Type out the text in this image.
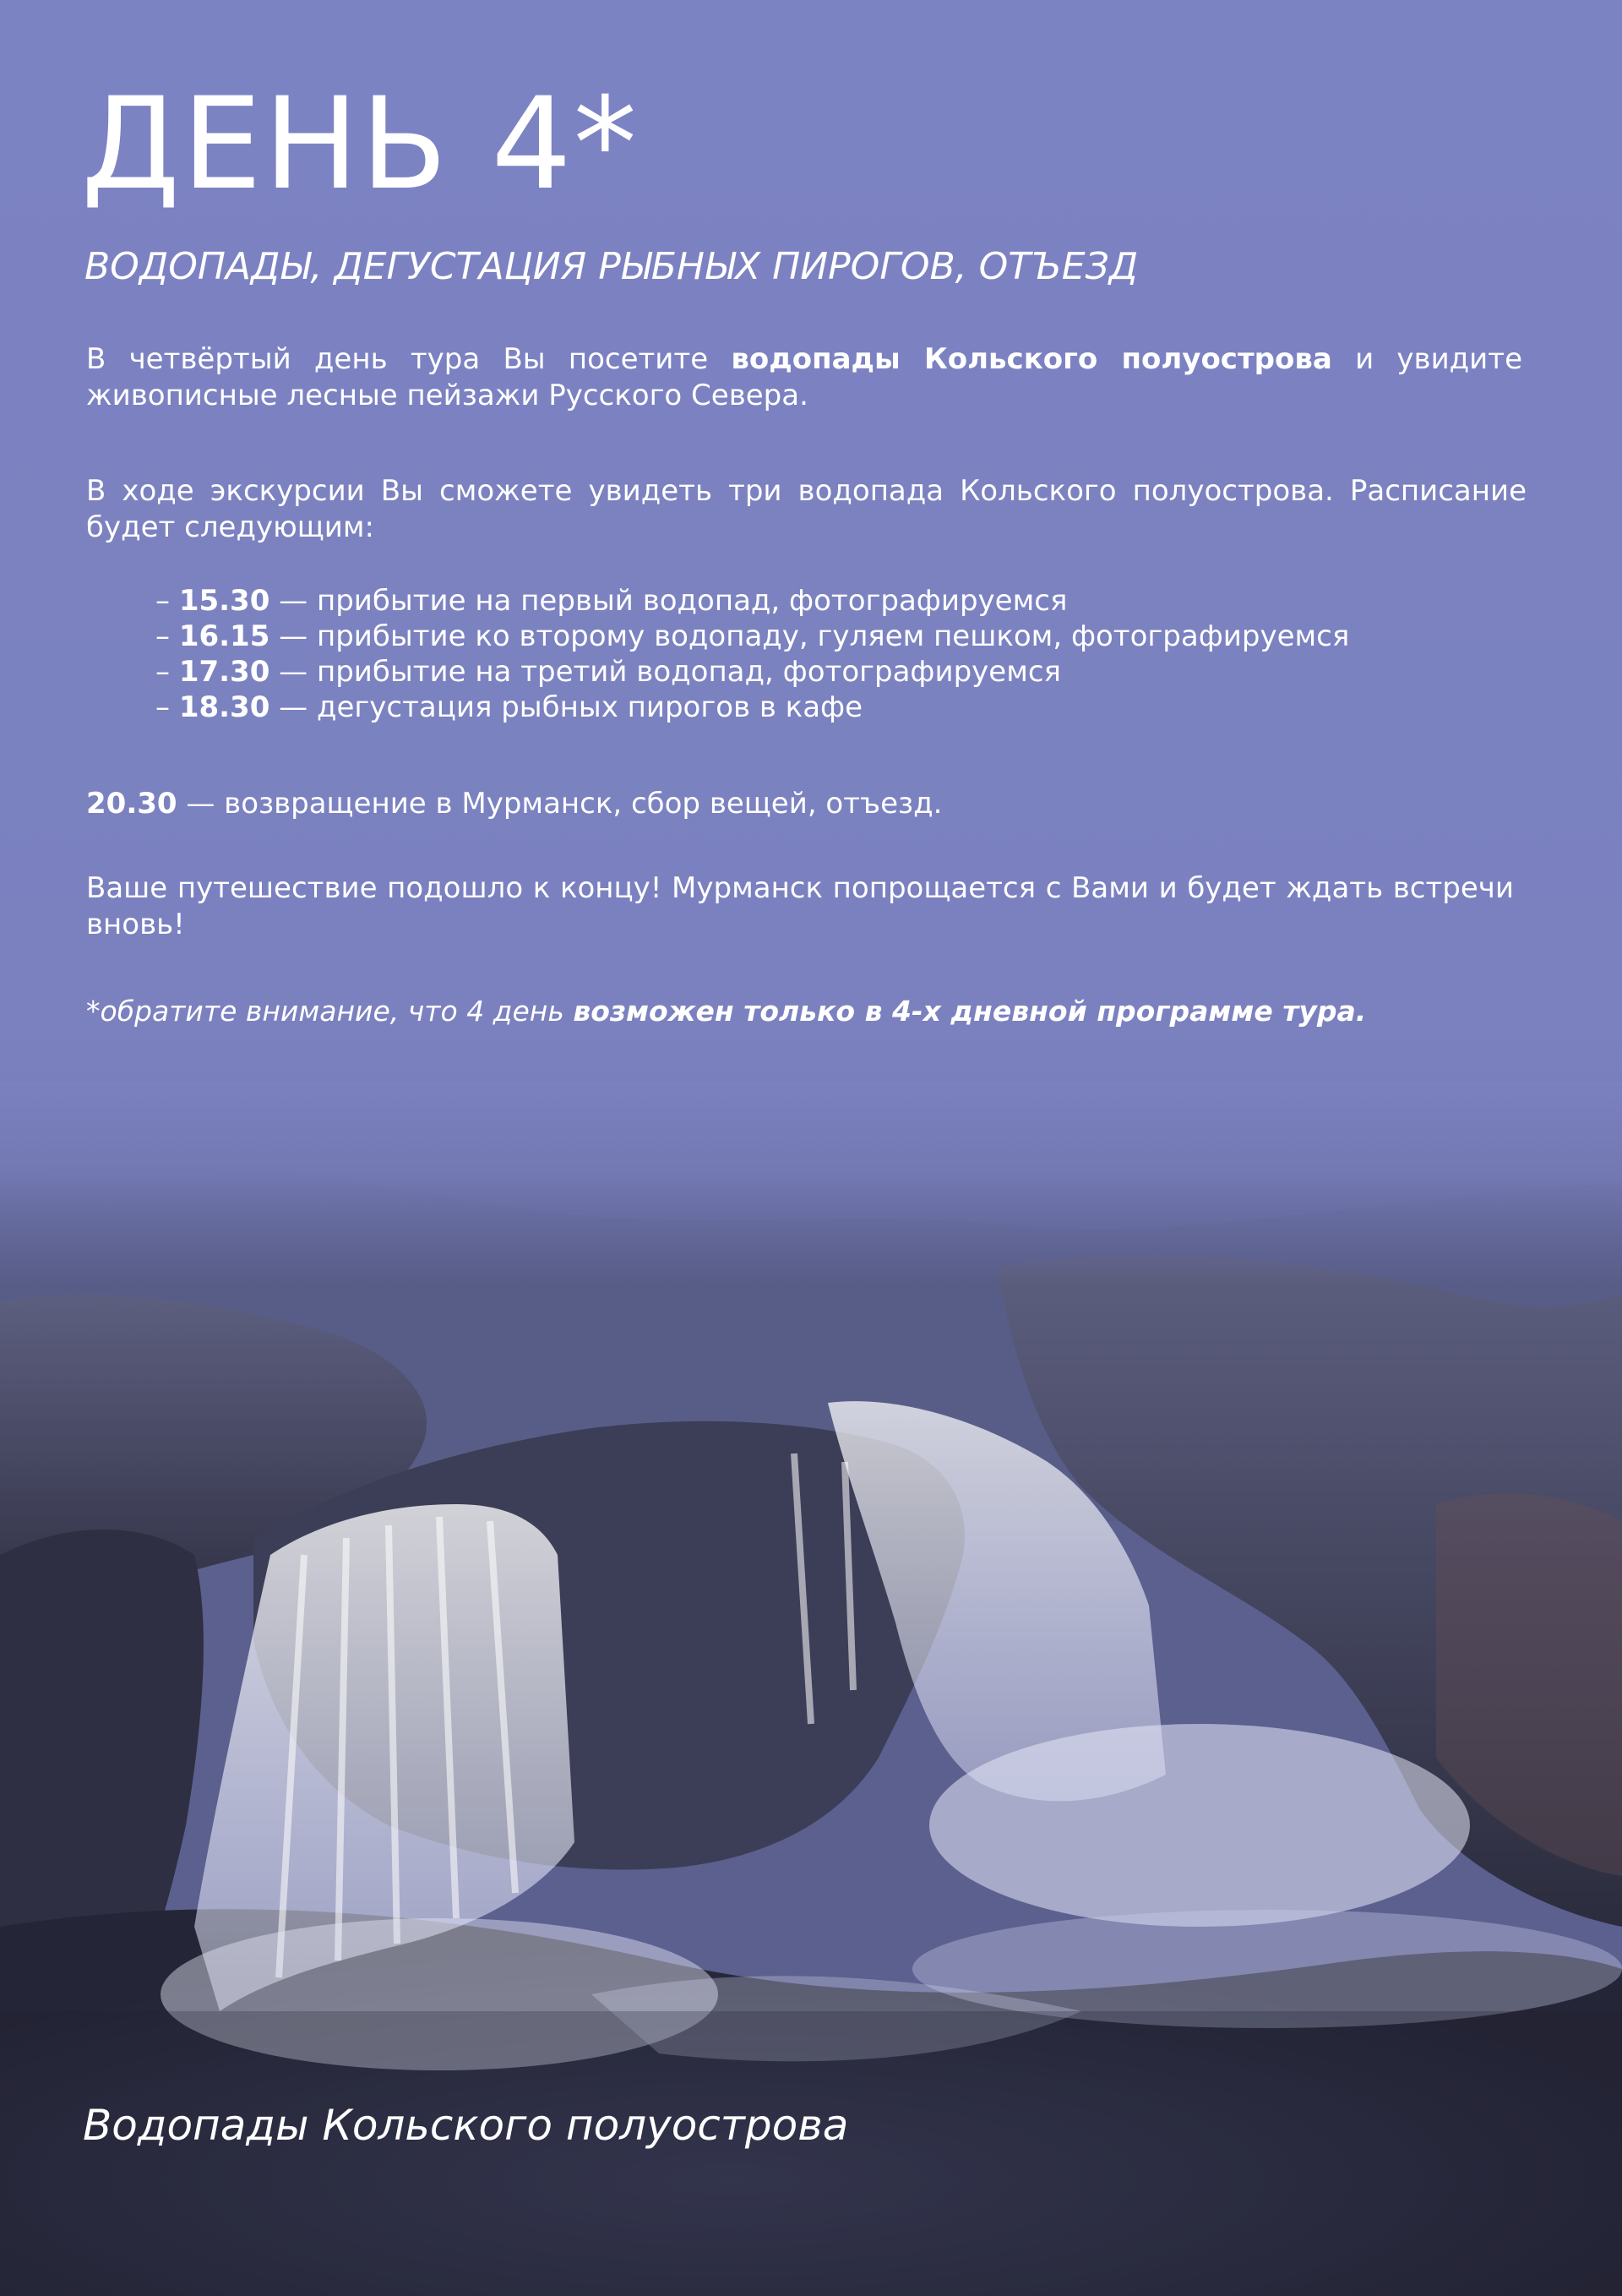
ДЕНЬ 4*
ВОДОПАДЫ, ДЕГУСТАЦИЯ РЫБНЫХ ПИРОГОВ, ОТЪЕЗД

В четвёртый день тура Вы посетите водопады Кольского полуострова и увидите живописные лесные пейзажи Русского Севера.

В ходе экскурсии Вы сможете увидеть три водопада Кольского полуострова. Расписание будет следующим:

– 15.30 — прибытие на первый водопад, фотографируемся
– 16.15 — прибытие ко второму водопаду, гуляем пешком, фотографируемся
– 17.30 — прибытие на третий водопад, фотографируемся
– 18.30 — дегустация рыбных пирогов в кафе
20.30 — возвращение в Мурманск, сбор вещей, отъезд.

Ваше путешествие подошло к концу! Мурманск попрощается с Вами и будет ждать встречи вновь!

*обратите внимание, что 4 день возможен только в 4-х дневной программе тура.
Водопады Кольского полуострова
